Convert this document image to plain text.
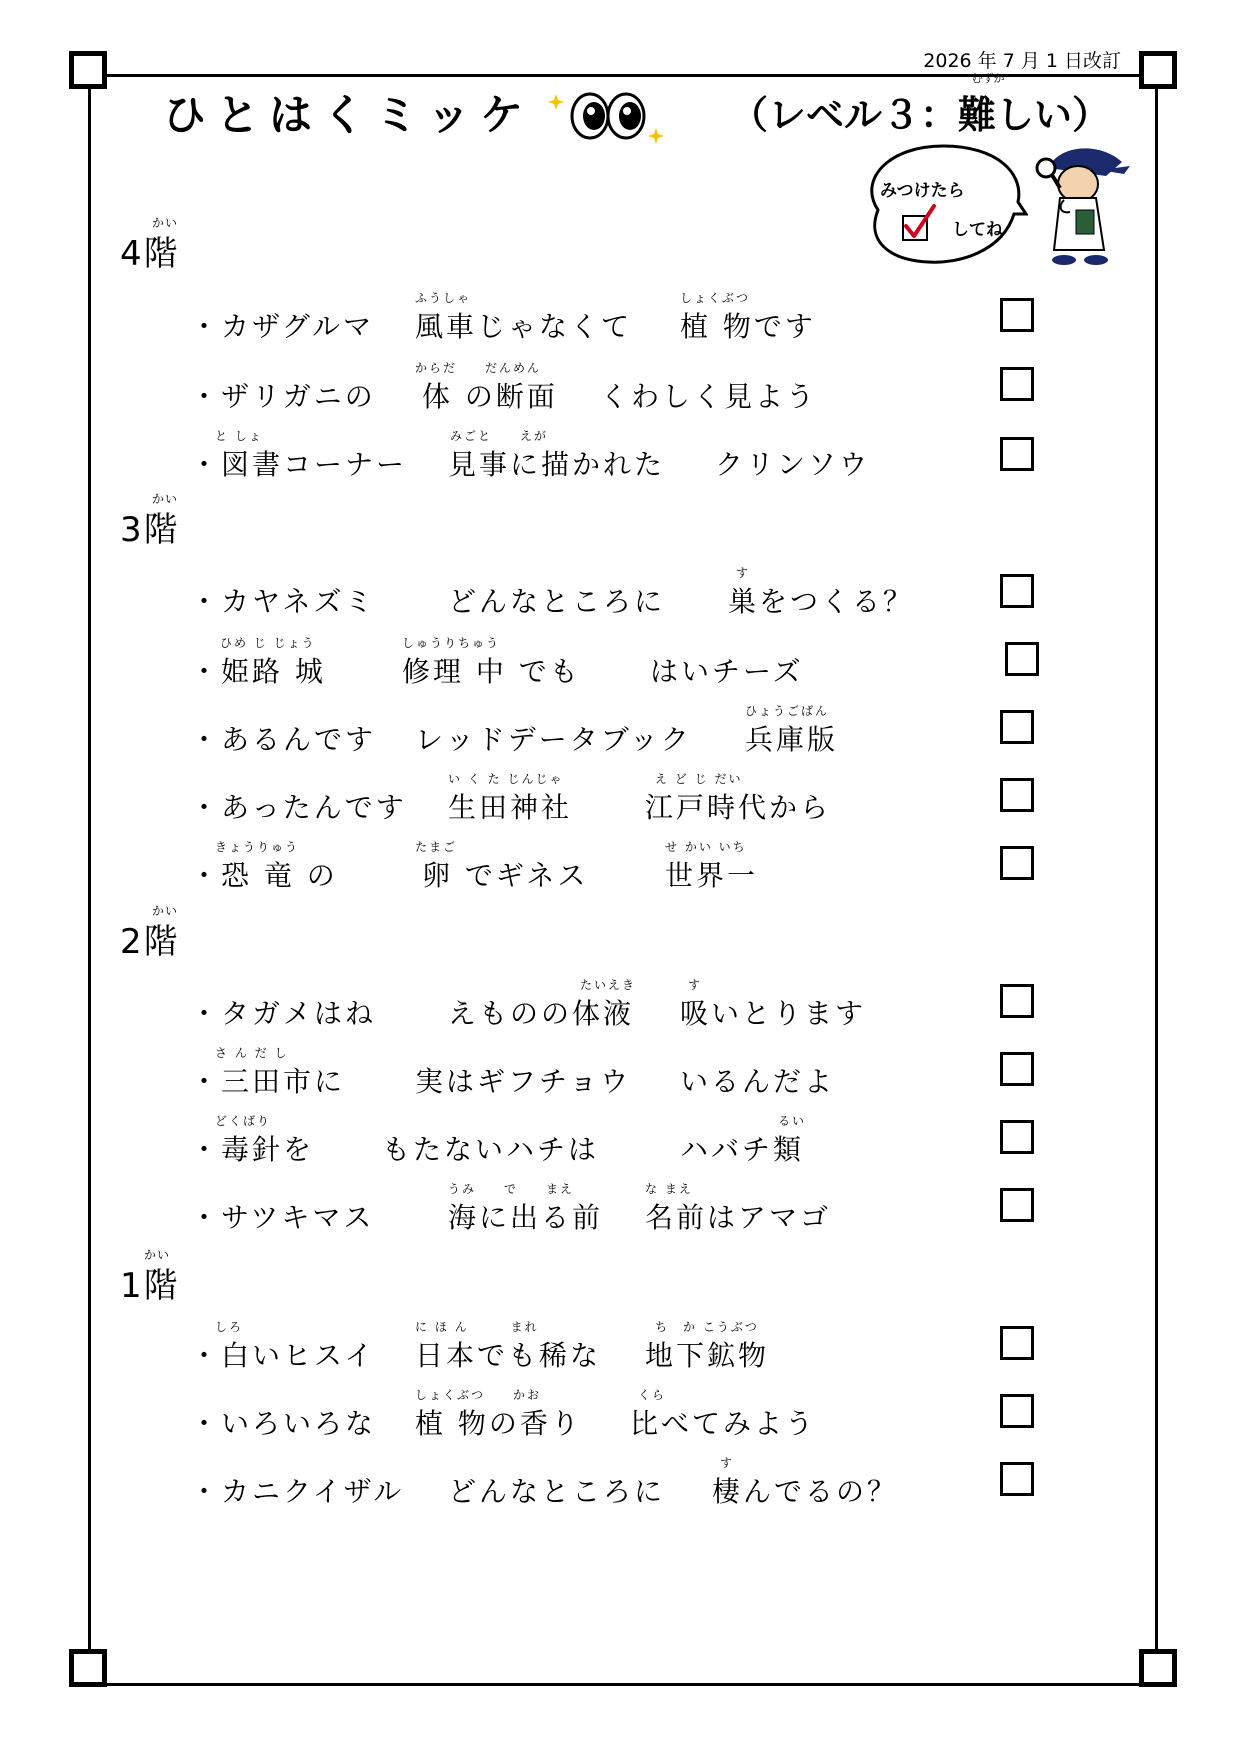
2026 年 7 月 1 日改訂
ひとはくミッケ	（レベル３：
むずか
難しい ）
みつけたら
してね
かい
4階
・カザグルマ 風車じゃなくて 植 物です
ふうしゃ	しょくぶつ
・ザリガニの 体 の断面 くわしく見よう
からだ　　だんめん
と しょ
・図書コーナー 見事に描かれた クリンソウ
みごと　　えが
かい
3階
・カヤネズミ	どんなところに 巣をつくる？
す
ひめ じ じょう
・姫路 城	修理 中 でも はいチーズ
しゅうりちゅう
・あるんです レッドデータブック 兵庫版
ひょうごばん
・あったんです 生田神社	江戸時代から
い く た じんじゃ	え ど じ だい
きょうりゅう
・恐 竜 の	卵 でギネス	世界一
たまご	せ かい いち
かい
2階
・タガメはね	えものの体液 吸いとります
たいえき	す
さ ん だ し
・三田市に 実はギフチョウ いるんだよ
どくばり
・毒針を もたないハチは	ハバチ類
るい
・サツキマス	海に出る前 名前はアマゴ
うみ　　で　　まえ	な まえ
かい
1階
しろ
・白いヒスイ 日本でも稀な 地下鉱物
に ほ ん　　　まれ	ち　か こうぶつ
・いろいろな 植 物の香り 比べてみよう
しょくぶつ　　かお	くら
・カニクイザル どんなところに 棲んでるの？
す
